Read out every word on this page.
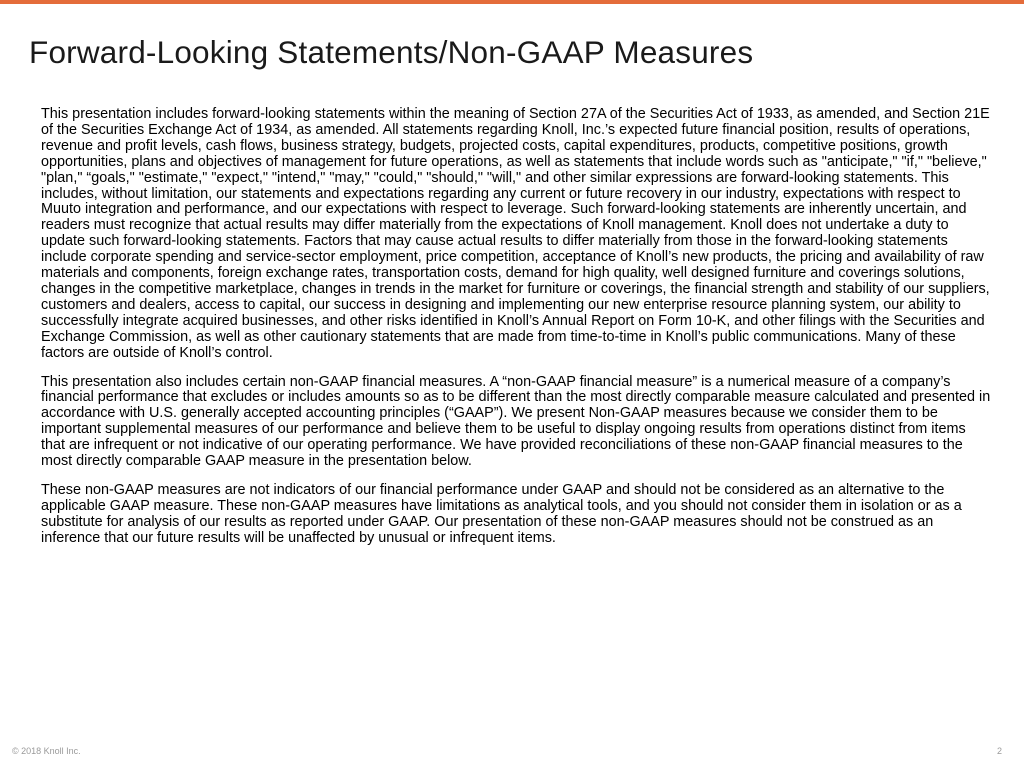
Forward-Looking Statements/Non-GAAP Measures

This presentation includes forward-looking statements within the meaning of Section 27A of the Securities Act of 1933, as amended, and Section 21E of the Securities Exchange Act of 1934, as amended. All statements regarding Knoll, Inc.’s expected future financial position, results of operations, revenue and profit levels, cash flows, business strategy, budgets, projected costs, capital expenditures, products, competitive positions, growth opportunities, plans and objectives of management for future operations, as well as statements that include words such as "anticipate," "if," "believe," "plan," “goals," "estimate," "expect," "intend," "may," "could," "should," "will," and other similar expressions are forward-looking statements. This includes, without limitation, our statements and expectations regarding any current or future recovery in our industry, expectations with respect to Muuto integration and performance, and our expectations with respect to leverage. Such forward-looking statements are inherently uncertain, and readers must recognize that actual results may differ materially from the expectations of Knoll management. Knoll does not undertake a duty to update such forward-looking statements. Factors that may cause actual results to differ materially from those in the forward-looking statements include corporate spending and service-sector employment, price competition, acceptance of Knoll’s new products, the pricing and availability of raw materials and components, foreign exchange rates, transportation costs, demand for high quality, well designed furniture and coverings solutions, changes in the competitive marketplace, changes in trends in the market for furniture or coverings, the financial strength and stability of our suppliers, customers and dealers, access to capital, our success in designing and implementing our new enterprise resource planning system, our ability to successfully integrate acquired businesses, and other risks identified in Knoll’s Annual Report on Form 10-K, and other filings with the Securities and Exchange Commission, as well as other cautionary statements that are made from time-to-time in Knoll’s public communications. Many of these factors are outside of Knoll’s control.

This presentation also includes certain non-GAAP financial measures. A “non-GAAP financial measure” is a numerical measure of a company’s financial performance that excludes or includes amounts so as to be different than the most directly comparable measure calculated and presented in accordance with U.S. generally accepted accounting principles (“GAAP”). We present Non-GAAP measures because we consider them to be important supplemental measures of our performance and believe them to be useful to display ongoing results from operations distinct from items that are infrequent or not indicative of our operating performance. We have provided reconciliations of these non-GAAP financial measures to the most directly comparable GAAP measure in the presentation below.

These non-GAAP measures are not indicators of our financial performance under GAAP and should not be considered as an alternative to the applicable GAAP measure. These non-GAAP measures have limitations as analytical tools, and you should not consider them in isolation or as a substitute for analysis of our results as reported under GAAP. Our presentation of these non-GAAP measures should not be construed as an inference that our future results will be unaffected by unusual or infrequent items.

© 2018 Knoll Inc.	2
